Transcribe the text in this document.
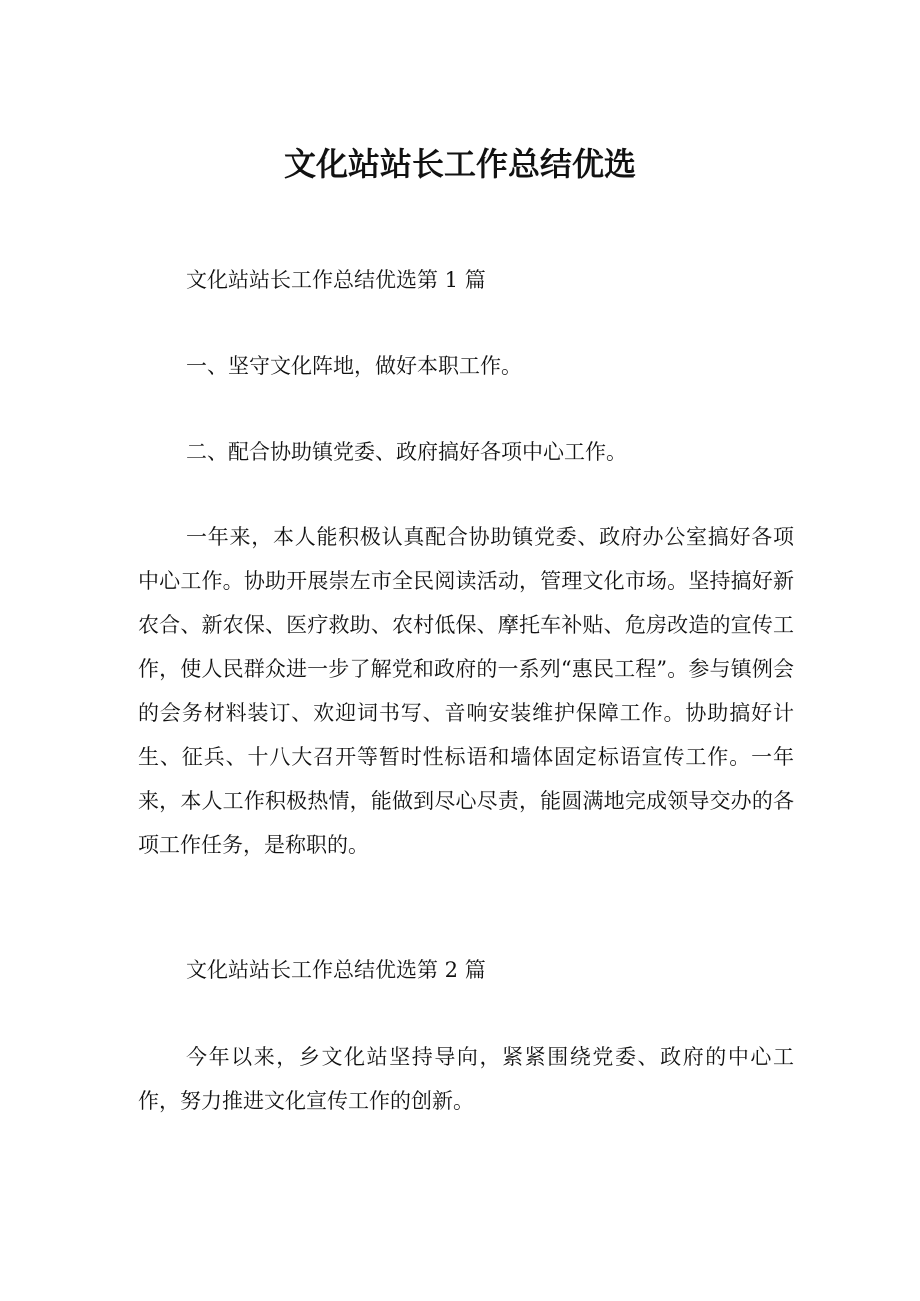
文化站站长工作总结优选

文化站站长工作总结优选第 1 篇

一、坚守文化阵地，做好本职工作。

二、配合协助镇党委、政府搞好各项中心工作。

一年来，本人能积极认真配合协助镇党委、政府办公室搞好各项中心工作。协助开展崇左市全民阅读活动，管理文化市场。坚持搞好新农合、新农保、医疗救助、农村低保、摩托车补贴、危房改造的宣传工作，使人民群众进一步了解党和政府的一系列“惠民工程”。参与镇例会的会务材料装订、欢迎词书写、音响安装维护保障工作。协助搞好计生、征兵、十八大召开等暂时性标语和墙体固定标语宣传工作。一年来，本人工作积极热情，能做到尽心尽责，能圆满地完成领导交办的各项工作任务，是称职的。

文化站站长工作总结优选第 2 篇

今年以来，乡文化站坚持导向，紧紧围绕党委、政府的中心工作，努力推进文化宣传工作的创新。
